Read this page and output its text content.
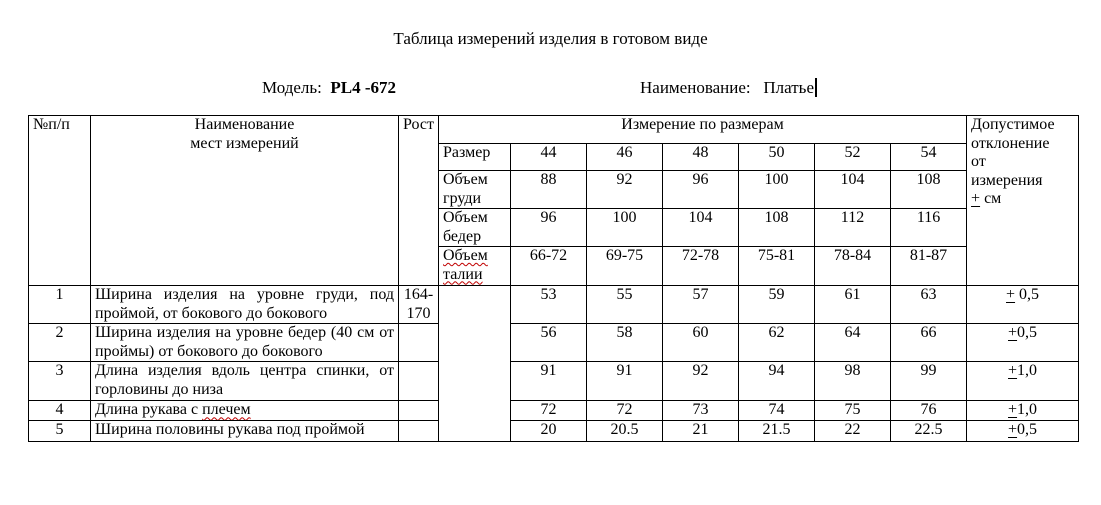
Таблица измерений изделия в готовом виде
Модель:  PL4 -672	Наименование:   Платье
№п/п	Наименование
мест измерений
	Рост	Измерение по размерам	Допустимое
отклонение
от
измерения
+ см

			Размер	44	46	48	50	52	54	
			Объем груди	88	92	96	100	104	108	
			Объем бедер	96	100	104	108	112	116	
			Объем талии	66-72	69-75	72-78	75-81	78-84	81-87	
1	Ширина изделия на уровне груди, под проймой, от бокового до бокового	164-170		53	55	57	59	61	63	+ 0,5
2	Ширина изделия на уровне бедер (40 см от проймы) от бокового до бокового			56	58	60	62	64	66	+0,5
3	Длина изделия вдоль центра спинки, от горловины до низа			91	91	92	94	98	99	+1,0
4	Длина рукава с плечем			72	72	73	74	75	76	+1,0
5	Ширина половины рукава под проймой			20	20.5	21	21.5	22	22.5	+0,5
